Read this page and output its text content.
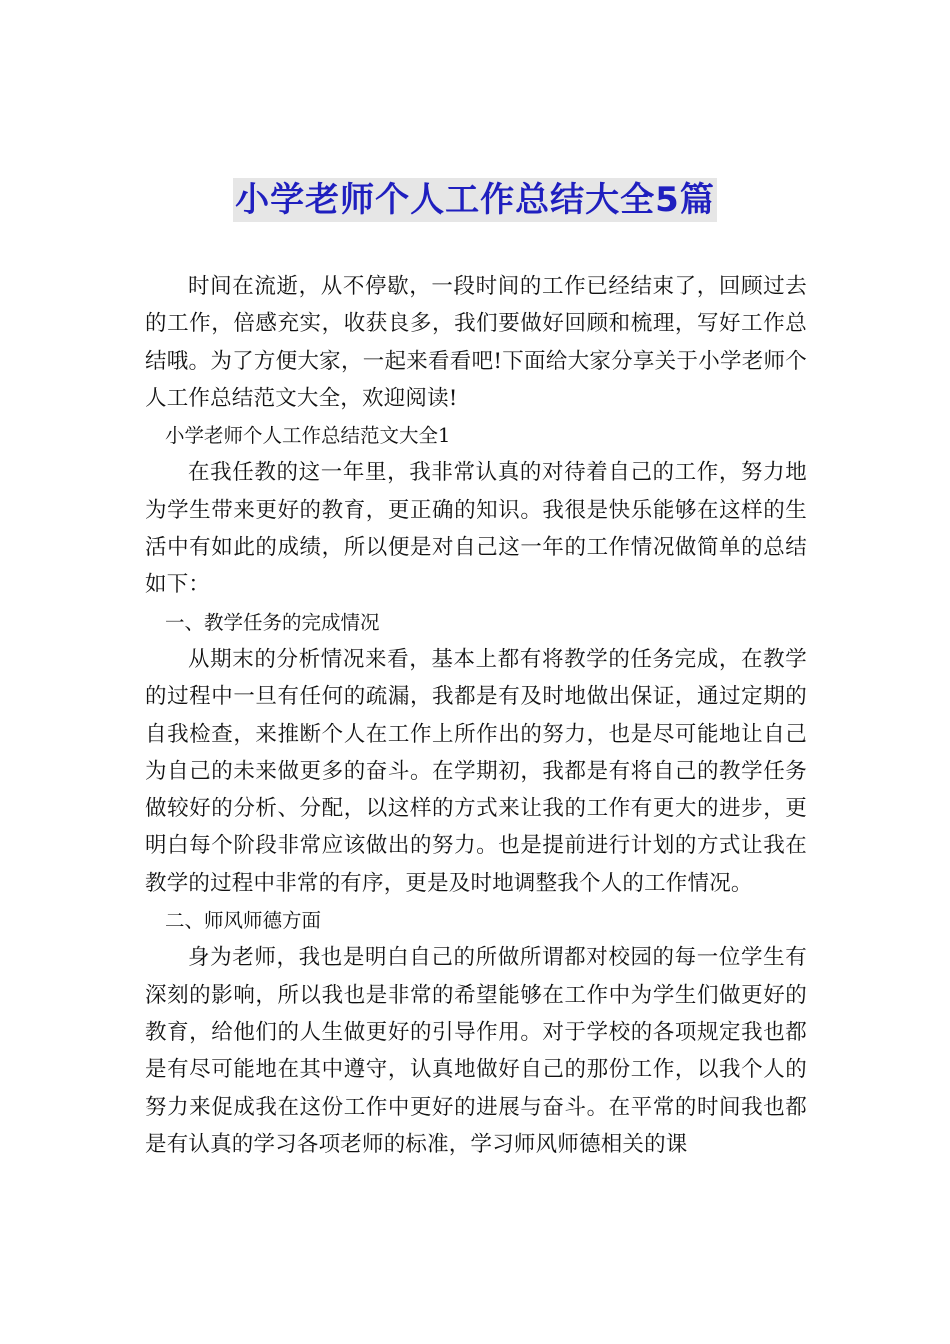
小学老师个人工作总结大全5篇

时间在流逝，从不停歇，一段时间的工作已经结束了，回顾过去的工作，倍感充实，收获良多，我们要做好回顾和梳理，写好工作总结哦。为了方便大家，一起来看看吧!下面给大家分享关于小学老师个人工作总结范文大全，欢迎阅读!

小学老师个人工作总结范文大全1

在我任教的这一年里，我非常认真的对待着自己的工作，努力地为学生带来更好的教育，更正确的知识。我很是快乐能够在这样的生活中有如此的成绩，所以便是对自己这一年的工作情况做简单的总结如下：

一、教学任务的完成情况

从期末的分析情况来看，基本上都有将教学的任务完成，在教学的过程中一旦有任何的疏漏，我都是有及时地做出保证，通过定期的自我检查，来推断个人在工作上所作出的努力，也是尽可能地让自己为自己的未来做更多的奋斗。在学期初，我都是有将自己的教学任务做较好的分析、分配，以这样的方式来让我的工作有更大的进步，更明白每个阶段非常应该做出的努力。也是提前进行计划的方式让我在教学的过程中非常的有序，更是及时地调整我个人的工作情况。

二、师风师德方面

身为老师，我也是明白自己的所做所谓都对校园的每一位学生有深刻的影响，所以我也是非常的希望能够在工作中为学生们做更好的教育，给他们的人生做更好的引导作用。对于学校的各项规定我也都是有尽可能地在其中遵守，认真地做好自己的那份工作，以我个人的努力来促成我在这份工作中更好的进展与奋斗。在平常的时间我也都是有认真的学习各项老师的标准，学习师风师德相关的课
